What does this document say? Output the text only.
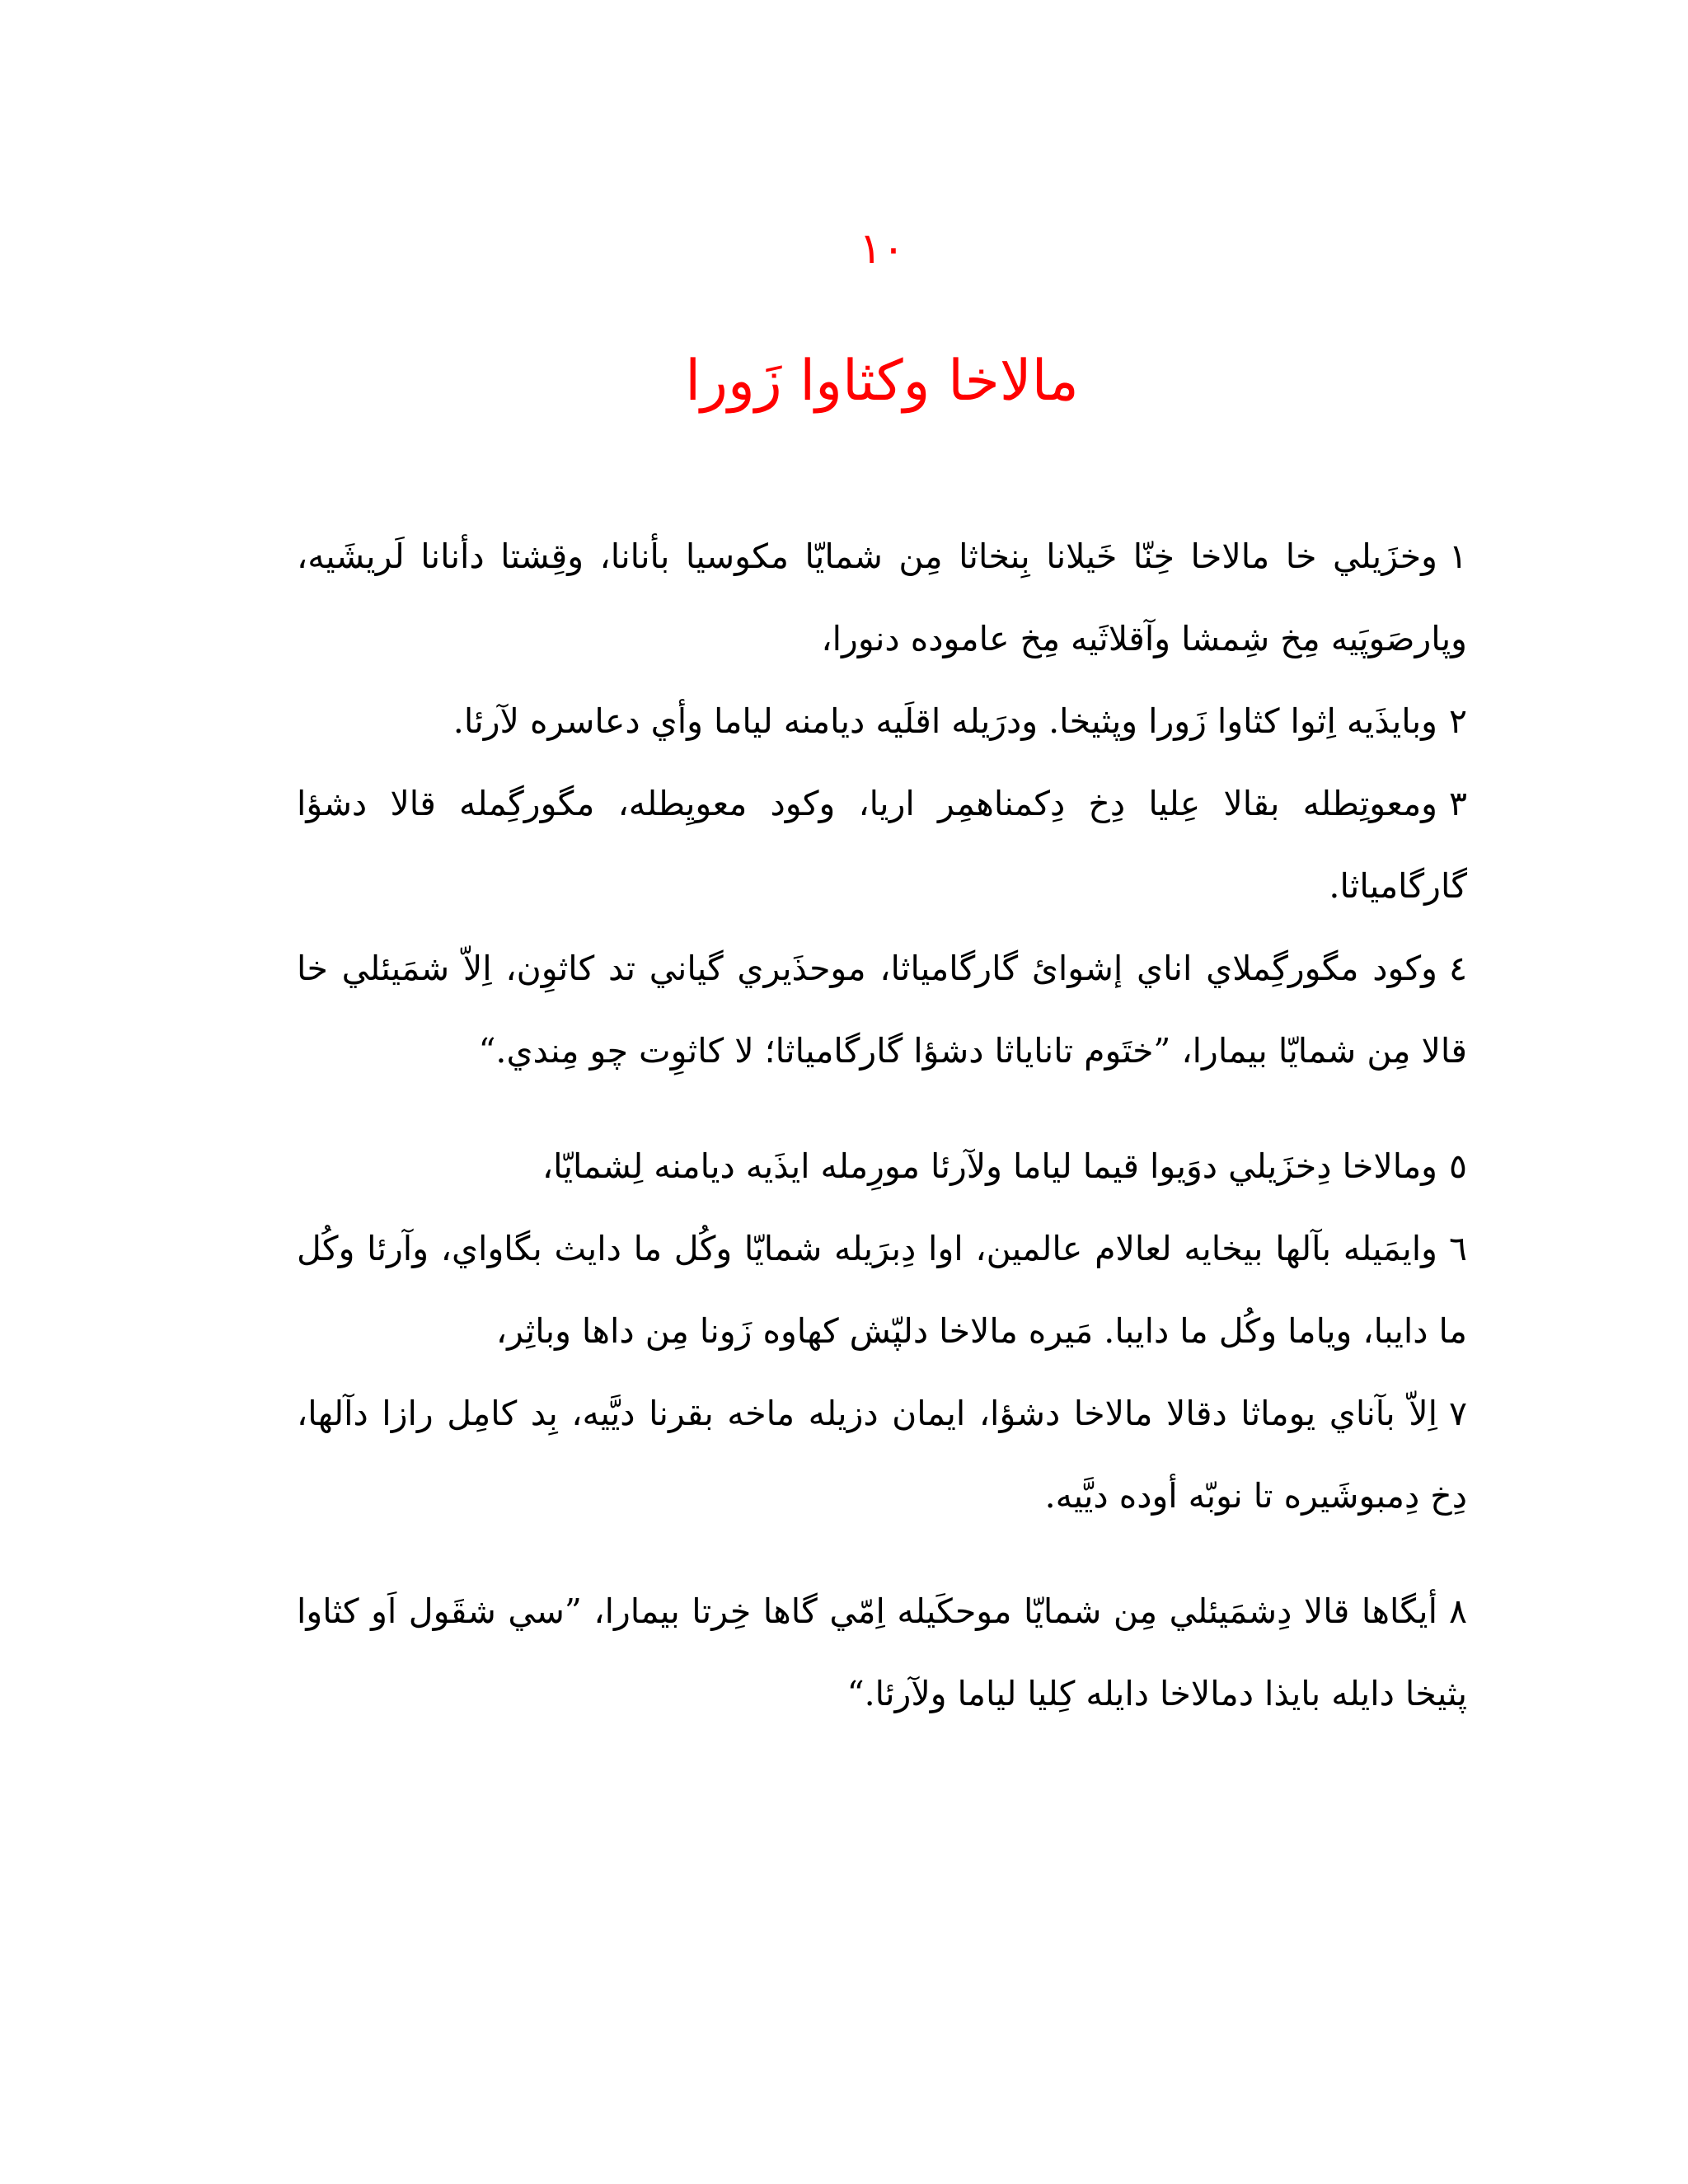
١٠
مالاخا وكثاوا زَورا

١وخزَيلي خا مالاخا خِنّا خَيلانا بِنخاثا مِن شمايّا مكوسيا بأنانا، وقِشتا دأنانا لَريشَيه، وپارصَوپَيه مِخ شِمشا وآقلاثَيه مِخ عاموده دنورا،

٢وبايذَيه اِثوا كثاوا زَورا وپثيخا. ودرَيله اقلَيه ديامنه لياما وأي دعاسره لآرئا.

٣ومعوتِطله بقالا عِليا دِخ دِكمناهمِر اريا، وكود معويِطله، مگورگِمله قالا دشؤا گارگامياثا.

٤وكود مگورگِملاي اناي إشواىٔ گارگامياثا، موحذَيري گياني تد كاثوِن، اِلاّ شمَيئلي خا قالا مِن شمايّا بيمارا، ”ختَوم تاناياثا دشؤا گارگامياثا؛ لا كاثوِت چو مِندي.“

٥ومالاخا دِخزَيلي دوَيوا قيما لياما ولآرئا مورِمله ايذَيه ديامنه لِشمايّا،

٦وايمَيله بآلها بيخايه لعالام عالمين، اوا دِبرَيله شمايّا وكُل ما دايث بگاواي، وآرئا وكُل ما دايبا، وياما وكُل ما دايبا. مَيره مالاخا دلپّش كهاوه زَونا مِن داها وباثِر،

٧اِلاّ بآناي يوماثا دقالا مالاخا دشؤا، ايمان دزيله ماخه بقرنا ديَّيه، بِد كامِل رازا دآلها، دِخ دِمبوشَيره تا نوبّه أوده ديَّيه.

٨أيگاها قالا دِشمَيئلي مِن شمايّا موحكَيله اِمّي گاها خِرتا بيمارا، ”سي شقَول اَو كثاوا پثيخا دايله بايذا دمالاخا دايله كِليا لياما ولآرئا.“
